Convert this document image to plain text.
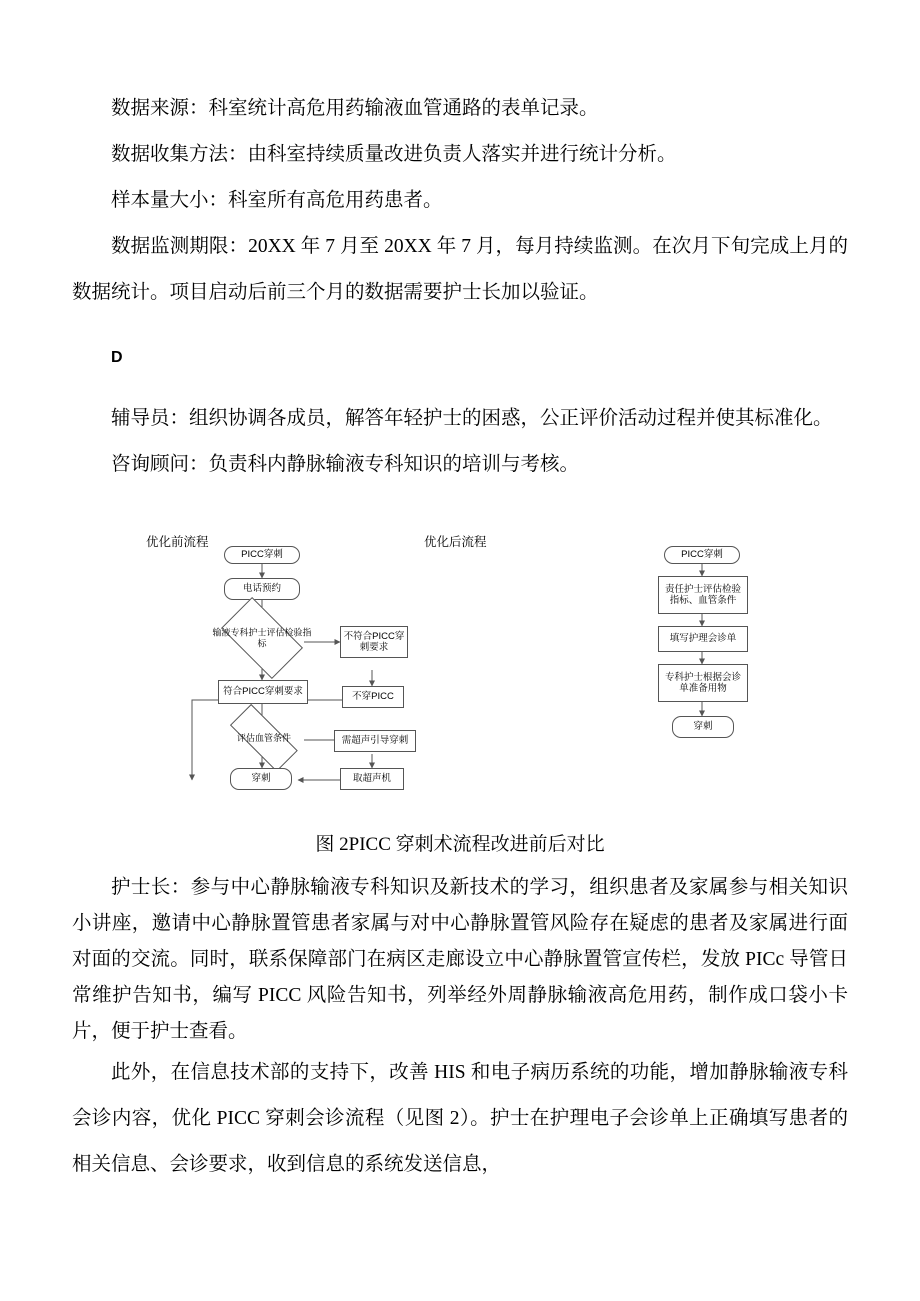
数据来源：科室统计高危用药输液血管通路的表单记录。

数据收集方法：由科室持续质量改进负责人落实并进行统计分析。

样本量大小：科室所有高危用药患者。

数据监测期限：20XX 年 7 月至 20XX 年 7 月，每月持续监测。在次月下旬完成上月的数据统计。项目启动后前三个月的数据需要护士长加以验证。

D

辅导员：组织协调各成员，解答年轻护士的困惑，公正评价活动过程并使其标准化。

咨询顾问：负责科内静脉输液专科知识的培训与考核。

优化前流程	优化后流程
PICC穿刺
电话预约
输液专科护士评估检验指标
不符合PICC穿刺要求
符合PICC穿刺要求	不穿PICC
评估血管条件	需超声引导穿刺
穿刺	取超声机
PICC穿刺
责任护士评估检验指标、血管条件
填写护理会诊单
专科护士根据会诊单准备用物
穿刺
图 2PICC 穿刺术流程改进前后对比

护士长：参与中心静脉输液专科知识及新技术的学习，组织患者及家属参与相关知识小讲座，邀请中心静脉置管患者家属与对中心静脉置管风险存在疑虑的患者及家属进行面对面的交流。同时，联系保障部门在病区走廊设立中心静脉置管宣传栏，发放 PICc 导管日常维护告知书，编写 PICC 风险告知书，列举经外周静脉输液高危用药，制作成口袋小卡片，便于护士查看。

此外，在信息技术部的支持下，改善 HIS 和电子病历系统的功能，增加静脉输液专科会诊内容，优化 PICC 穿刺会诊流程（见图 2）。护士在护理电子会诊单上正确填写患者的相关信息、会诊要求，收到信息的系统发送信息，
